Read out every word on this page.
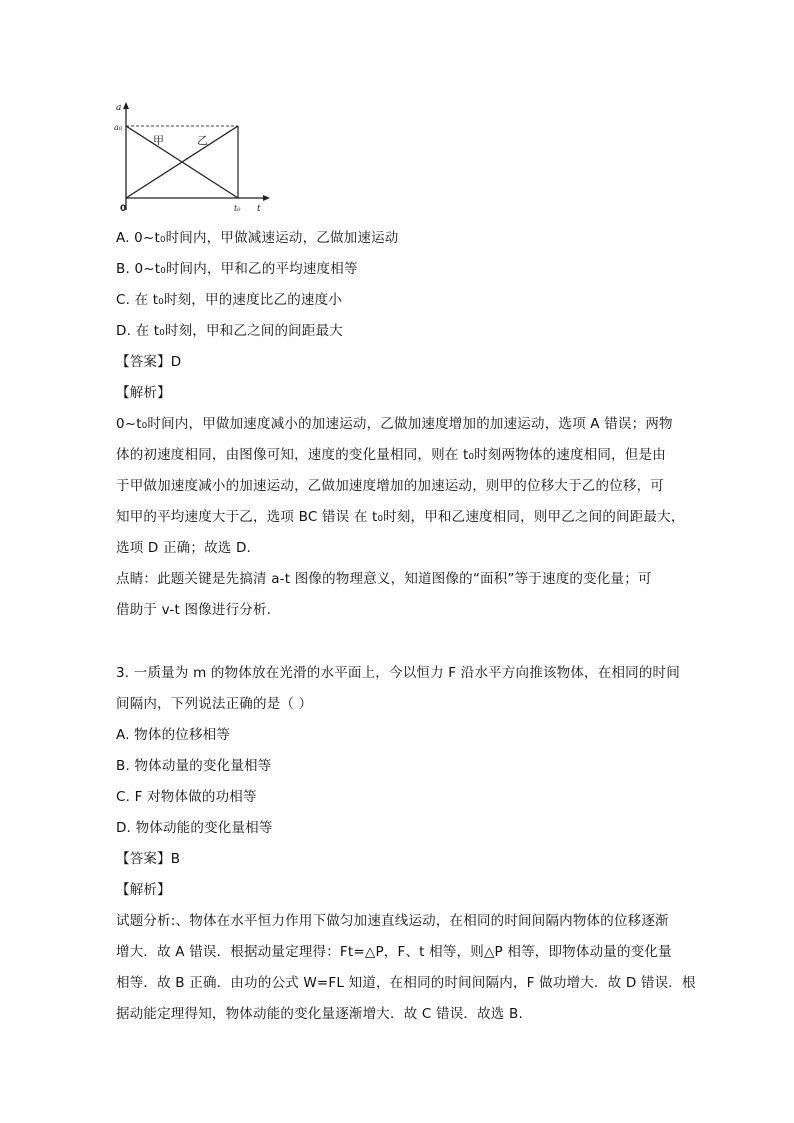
a
a₀
0	t₀ t
甲	乙
A. 0~t₀时间内，甲做减速运动，乙做加速运动
B. 0~t₀时间内，甲和乙的平均速度相等
C. 在 t₀时刻，甲的速度比乙的速度小
D. 在 t₀时刻，甲和乙之间的间距最大
【答案】D
【解析】
0~t₀时间内，甲做加速度减小的加速运动，乙做加速度增加的加速运动，选项 A 错误；两物
体的初速度相同，由图像可知，速度的变化量相同，则在 t₀时刻两物体的速度相同，但是由
于甲做加速度减小的加速运动，乙做加速度增加的加速运动，则甲的位移大于乙的位移，可
知甲的平均速度大于乙，选项 BC 错误 在 t₀时刻，甲和乙速度相同，则甲乙之间的间距最大，
选项 D 正确；故选 D.
点睛：此题关键是先搞清 a-t 图像的物理意义，知道图像的“面积”等于速度的变化量；可
借助于 v-t 图像进行分析.
3. 一质量为 m 的物体放在光滑的水平面上，今以恒力 F 沿水平方向推该物体，在相同的时间
间隔内，下列说法正确的是（ ）
A. 物体的位移相等
B. 物体动量的变化量相等
C. F 对物体做的功相等
D. 物体动能的变化量相等
【答案】B
【解析】
试题分析:、物体在水平恒力作用下做匀加速直线运动，在相同的时间间隔内物体的位移逐渐
增大．故 A 错误．根据动量定理得：Ft=△P，F、t 相等，则△P 相等，即物体动量的变化量
相等．故 B 正确．由功的公式 W=FL 知道，在相同的时间间隔内，F 做功增大．故 D 错误．根
据动能定理得知，物体动能的变化量逐渐增大．故 C 错误．故选 B.
